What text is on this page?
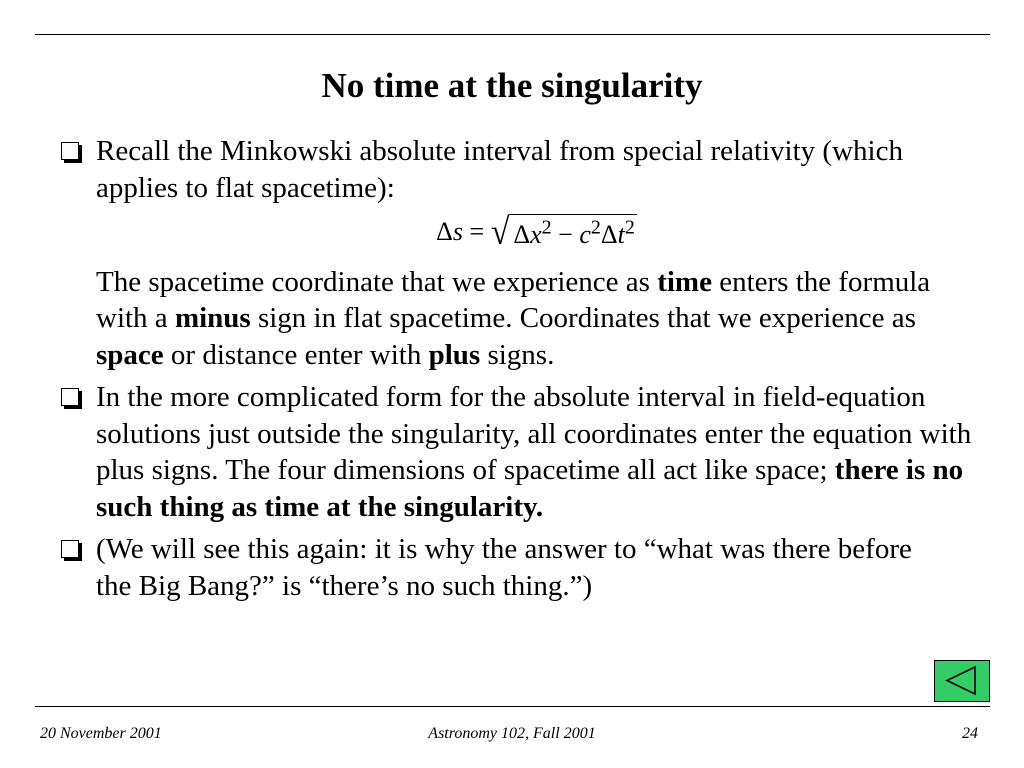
No time at the singularity

Recall the Minkowski absolute interval from special relativity (which applies to flat spacetime):

Δs = √ $\Delta x^2 - c^2\Delta t^2$

The spacetime coordinate that we experience as time enters the formula with a minus sign in flat spacetime. Coordinates that we experience as space or distance enter with plus signs.

In the more complicated form for the absolute interval in field-equation solutions just outside the singularity, all coordinates enter the equation with plus signs. The four dimensions of spacetime all act like space; there is no such thing as time at the singularity.

(We will see this again: it is why the answer to “what was there before the Big Bang?” is “there’s no such thing.”)

20 November 2001	Astronomy 102, Fall 2001	24
